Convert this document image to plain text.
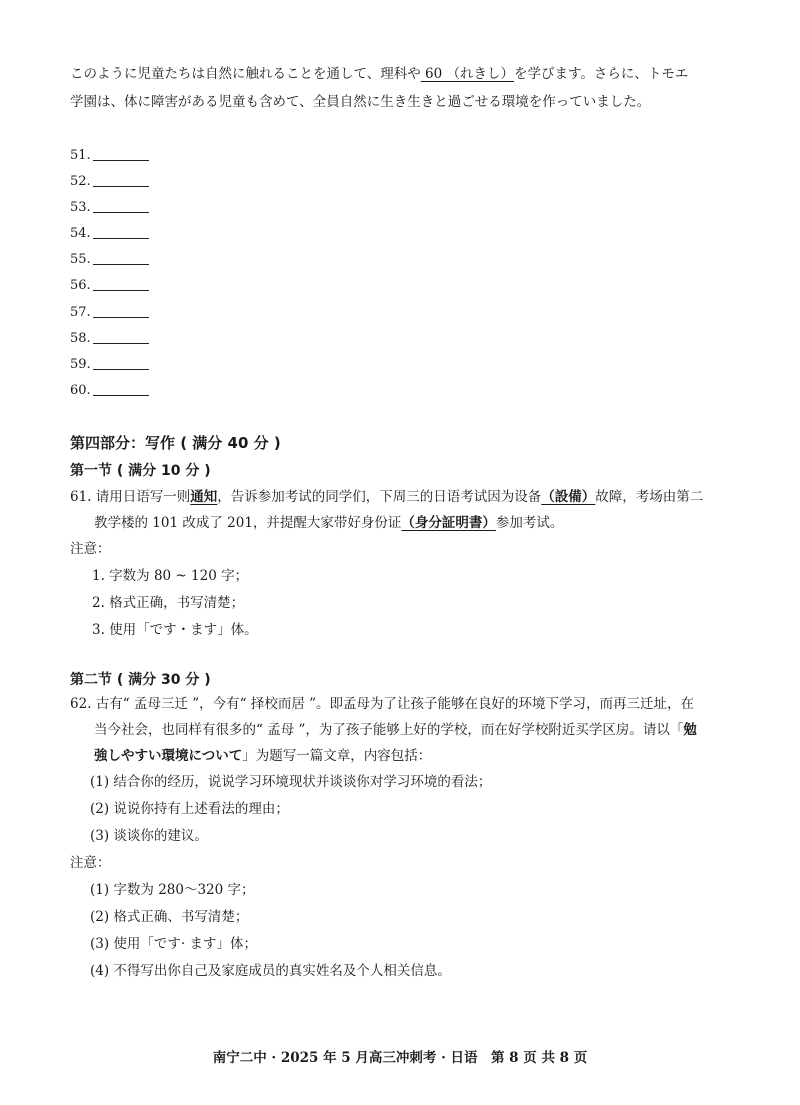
このように児童たちは自然に触れることを通して、理科や 60 （れきし）を学びます。さらに、トモエ
学園は、体に障害がある児童も含めて、全員自然に生き生きと過ごせる環境を作っていました。
51.
52.
53.
54.
55.
56.
57.
58.
59.
60.
第四部分：写作 ( 满分 40 分 )
第一节 ( 满分 10 分 )
61. 请用日语写一则通知，告诉参加考试的同学们，下周三的日语考试因为设备（設備）故障，考场由第二
教学楼的 101 改成了 201，并提醒大家带好身份证（身分証明書）参加考试。
注意：
1. 字数为 80 ~ 120 字；
2. 格式正确，书写清楚；
3. 使用「です・ます」体。
第二节 ( 满分 30 分 )
62. 古有“ 孟母三迁 ”，今有“ 择校而居 ”。即孟母为了让孩子能够在良好的环境下学习，而再三迁址，在
当今社会，也同样有很多的“ 孟母 ”，为了孩子能够上好的学校，而在好学校附近买学区房。请以「勉
強しやすい環境について」为题写一篇文章，内容包括：
(1) 结合你的经历，说说学习环境现状并谈谈你对学习环境的看法；
(2) 说说你持有上述看法的理由；
(3) 谈谈你的建议。
注意：
(1) 字数为 280～320 字；
(2) 格式正确、书写清楚；
(3) 使用「です· ます」体；
(4) 不得写出你自己及家庭成员的真实姓名及个人相关信息。
南宁二中 · 2025 年 5 月高三冲刺考 · 日语　第 8 页 共 8 页
